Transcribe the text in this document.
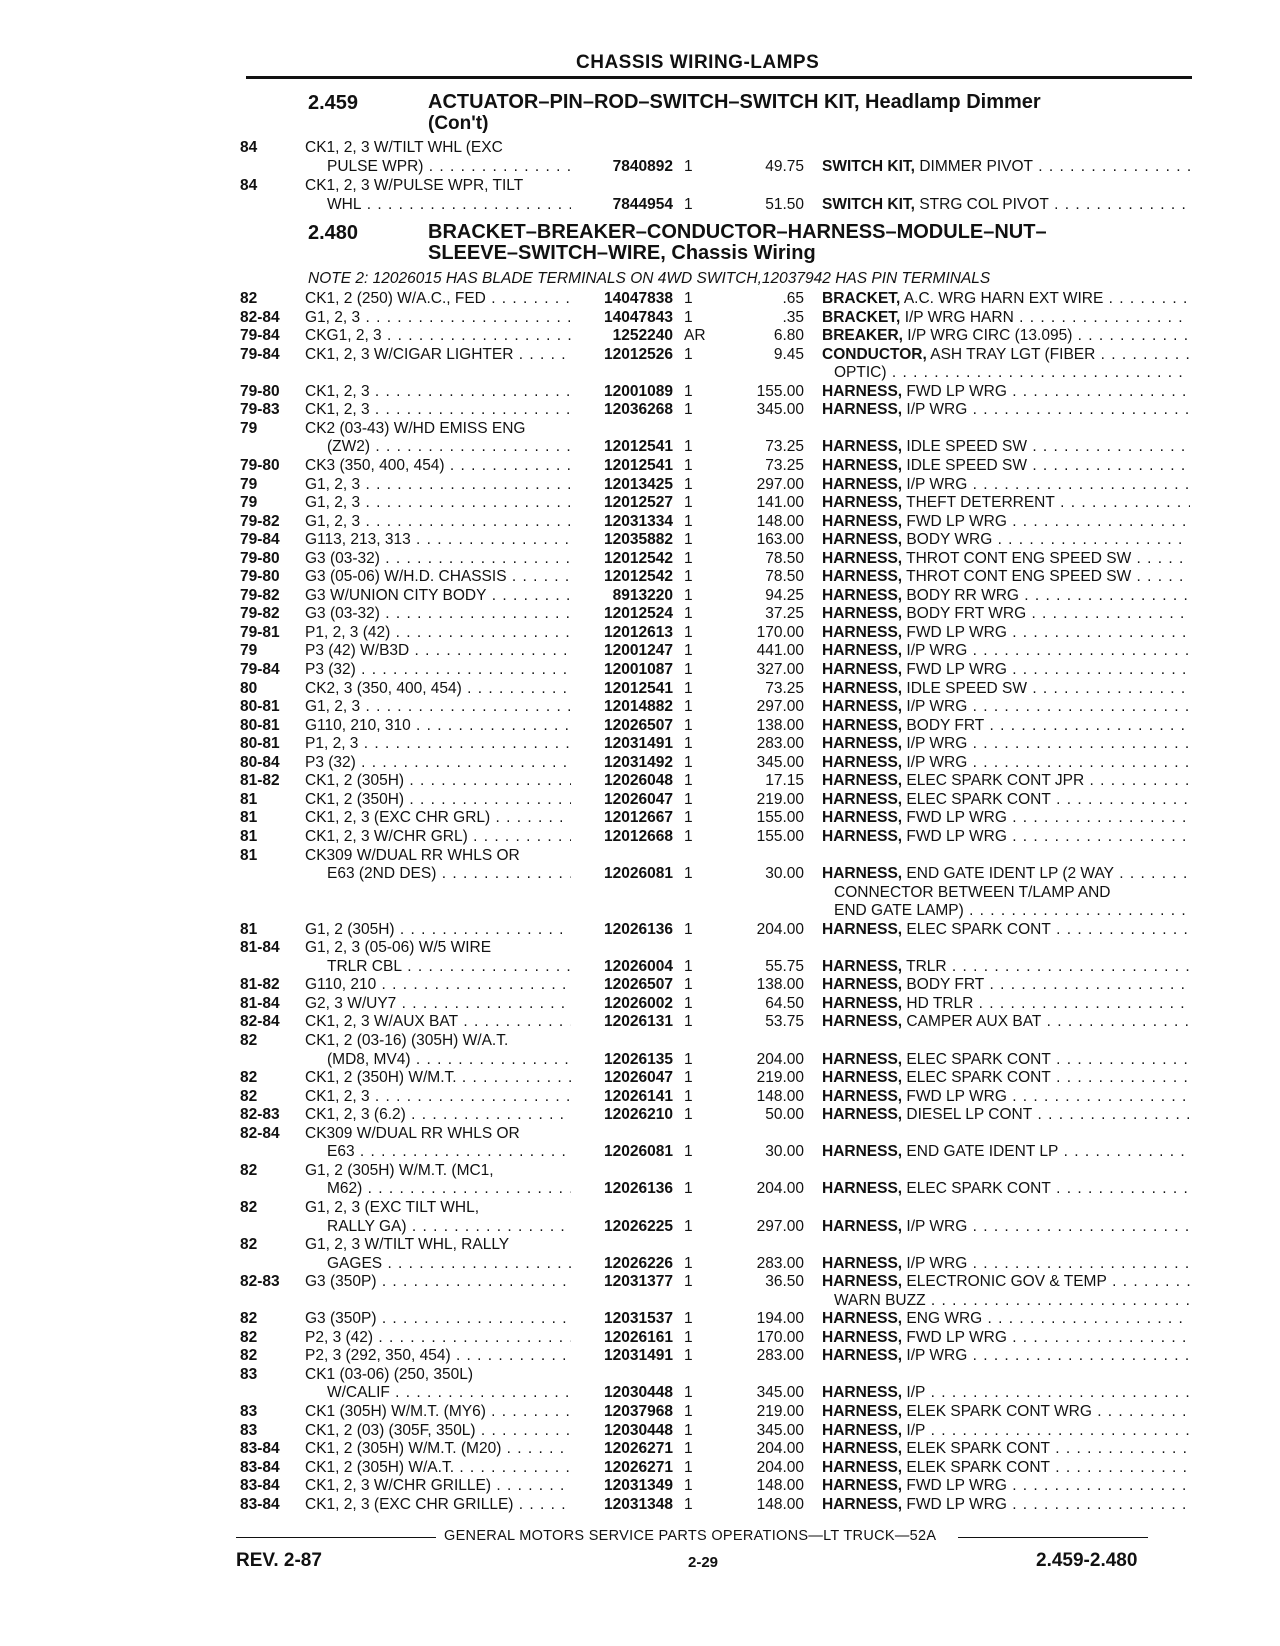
CHASSIS WIRING-LAMPS
2.459	ACTUATOR–PIN–ROD–SWITCH–SWITCH KIT, Headlamp Dimmer
(Con't)
2.480	BRACKET–BREAKER–CONDUCTOR–HARNESS–MODULE–NUT–
SLEEVE–SWITCH–WIRE, Chassis Wiring
NOTE 2: 12026015 HAS BLADE TERMINALS ON 4WD SWITCH,12037942 HAS PIN TERMINALS
84	CK1, 2, 3 W/TILT WHL (EXC
PULSE WPR) . . .	7840892 1	49.75 SWITCH KIT, DIMMER PIVOT . . .
84	CK1, 2, 3 W/PULSE WPR, TILT
WHL . . .	7844954 1	51.50 SWITCH KIT, STRG COL PIVOT . . .
82	CK1, 2 (250) W/A.C., FED . . .	14047838 1	.65 BRACKET, A.C. WRG HARN EXT WIRE . . .
82-84 G1, 2, 3 . . .	14047843 1	.35 BRACKET, I/P WRG HARN . . .
79-84 CKG1, 2, 3 . . .	1252240 AR	6.80 BREAKER, I/P WRG CIRC (13.095) . . .
79-84 CK1, 2, 3 W/CIGAR LIGHTER . . .	12012526 1	9.45 CONDUCTOR, ASH TRAY LGT (FIBER . . .
OPTIC) . . .
79-80 CK1, 2, 3 . . .	12001089 1	155.00 HARNESS, FWD LP WRG . . .
79-83 CK1, 2, 3 . . .	12036268 1	345.00 HARNESS, I/P WRG . . .
79	CK2 (03-43) W/HD EMISS ENG
(ZW2) . . .	12012541 1	73.25 HARNESS, IDLE SPEED SW . . .
79-80 CK3 (350, 400, 454) . . .	12012541 1	73.25 HARNESS, IDLE SPEED SW . . .
79	G1, 2, 3 . . .	12013425 1	297.00 HARNESS, I/P WRG . . .
79	G1, 2, 3 . . .	12012527 1	141.00 HARNESS, THEFT DETERRENT . . .
79-82 G1, 2, 3 . . .	12031334 1	148.00 HARNESS, FWD LP WRG . . .
79-84 G113, 213, 313 . . .	12035882 1	163.00 HARNESS, BODY WRG . . .
79-80 G3 (03-32) . . .	12012542 1	78.50 HARNESS, THROT CONT ENG SPEED SW . . .
79-80 G3 (05-06) W/H.D. CHASSIS . . .	12012542 1	78.50 HARNESS, THROT CONT ENG SPEED SW . . .
79-82 G3 W/UNION CITY BODY . . .	8913220 1	94.25 HARNESS, BODY RR WRG . . .
79-82 G3 (03-32) . . .	12012524 1	37.25 HARNESS, BODY FRT WRG . . .
79-81 P1, 2, 3 (42) . . .	12012613 1	170.00 HARNESS, FWD LP WRG . . .
79	P3 (42) W/B3D . . .	12001247 1	441.00 HARNESS, I/P WRG . . .
79-84 P3 (32) . . .	12001087 1	327.00 HARNESS, FWD LP WRG . . .
80	CK2, 3 (350, 400, 454) . . .	12012541 1	73.25 HARNESS, IDLE SPEED SW . . .
80-81 G1, 2, 3 . . .	12014882 1	297.00 HARNESS, I/P WRG . . .
80-81 G110, 210, 310 . . .	12026507 1	138.00 HARNESS, BODY FRT . . .
80-81 P1, 2, 3 . . .	12031491 1	283.00 HARNESS, I/P WRG . . .
80-84 P3 (32) . . .	12031492 1	345.00 HARNESS, I/P WRG . . .
81-82 CK1, 2 (305H) . . .	12026048 1	17.15 HARNESS, ELEC SPARK CONT JPR . . .
81	CK1, 2 (350H) . . .	12026047 1	219.00 HARNESS, ELEC SPARK CONT . . .
81	CK1, 2, 3 (EXC CHR GRL) . . .	12012667 1	155.00 HARNESS, FWD LP WRG . . .
81	CK1, 2, 3 W/CHR GRL) . . .	12012668 1	155.00 HARNESS, FWD LP WRG . . .
81	CK309 W/DUAL RR WHLS OR
E63 (2ND DES) . . .	12026081 1	30.00 HARNESS, END GATE IDENT LP (2 WAY . . .
CONNECTOR BETWEEN T/LAMP AND
END GATE LAMP) . . .
81	G1, 2 (305H) . . .	12026136 1	204.00 HARNESS, ELEC SPARK CONT . . .
81-84 G1, 2, 3 (05-06) W/5 WIRE
TRLR CBL . . .	12026004 1	55.75 HARNESS, TRLR . . .
81-82 G110, 210 . . .	12026507 1	138.00 HARNESS, BODY FRT . . .
81-84 G2, 3 W/UY7 . . .	12026002 1	64.50 HARNESS, HD TRLR . . .
82-84 CK1, 2, 3 W/AUX BAT . . .	12026131 1	53.75 HARNESS, CAMPER AUX BAT . . .
82	CK1, 2 (03-16) (305H) W/A.T.
(MD8, MV4) . . .	12026135 1	204.00 HARNESS, ELEC SPARK CONT . . .
82	CK1, 2 (350H) W/M.T. . . .	12026047 1	219.00 HARNESS, ELEC SPARK CONT . . .
82	CK1, 2, 3 . . .	12026141 1	148.00 HARNESS, FWD LP WRG . . .
82-83 CK1, 2, 3 (6.2) . . .	12026210 1	50.00 HARNESS, DIESEL LP CONT . . .
82-84 CK309 W/DUAL RR WHLS OR
E63 . . .	12026081 1	30.00 HARNESS, END GATE IDENT LP . . .
82	G1, 2 (305H) W/M.T. (MC1,
M62) . . .	12026136 1	204.00 HARNESS, ELEC SPARK CONT . . .
82	G1, 2, 3 (EXC TILT WHL,
RALLY GA) . . .	12026225 1	297.00 HARNESS, I/P WRG . . .
82	G1, 2, 3 W/TILT WHL, RALLY
GAGES . . .	12026226 1	283.00 HARNESS, I/P WRG . . .
82-83 G3 (350P) . . .	12031377 1	36.50 HARNESS, ELECTRONIC GOV & TEMP . . .
WARN BUZZ . . .
82	G3 (350P) . . .	12031537 1	194.00 HARNESS, ENG WRG . . .
82	P2, 3 (42) . . .	12026161 1	170.00 HARNESS, FWD LP WRG . . .
82	P2, 3 (292, 350, 454) . . .	12031491 1	283.00 HARNESS, I/P WRG . . .
83	CK1 (03-06) (250, 350L)
W/CALIF . . .	12030448 1	345.00 HARNESS, I/P . . .
83	CK1 (305H) W/M.T. (MY6) . . .	12037968 1	219.00 HARNESS, ELEK SPARK CONT WRG . . .
83	CK1, 2 (03) (305F, 350L) . . .	12030448 1	345.00 HARNESS, I/P . . .
83-84 CK1, 2 (305H) W/M.T. (M20) . . .	12026271 1	204.00 HARNESS, ELEK SPARK CONT . . .
83-84 CK1, 2 (305H) W/A.T. . . .	12026271 1	204.00 HARNESS, ELEK SPARK CONT . . .
83-84 CK1, 2, 3 W/CHR GRILLE) . . .	12031349 1	148.00 HARNESS, FWD LP WRG . . .
83-84 CK1, 2, 3 (EXC CHR GRILLE) . . .	12031348 1	148.00 HARNESS, FWD LP WRG . . .
GENERAL MOTORS SERVICE PARTS OPERATIONS—LT TRUCK—52A
REV. 2-87	2-29	2.459-2.480
